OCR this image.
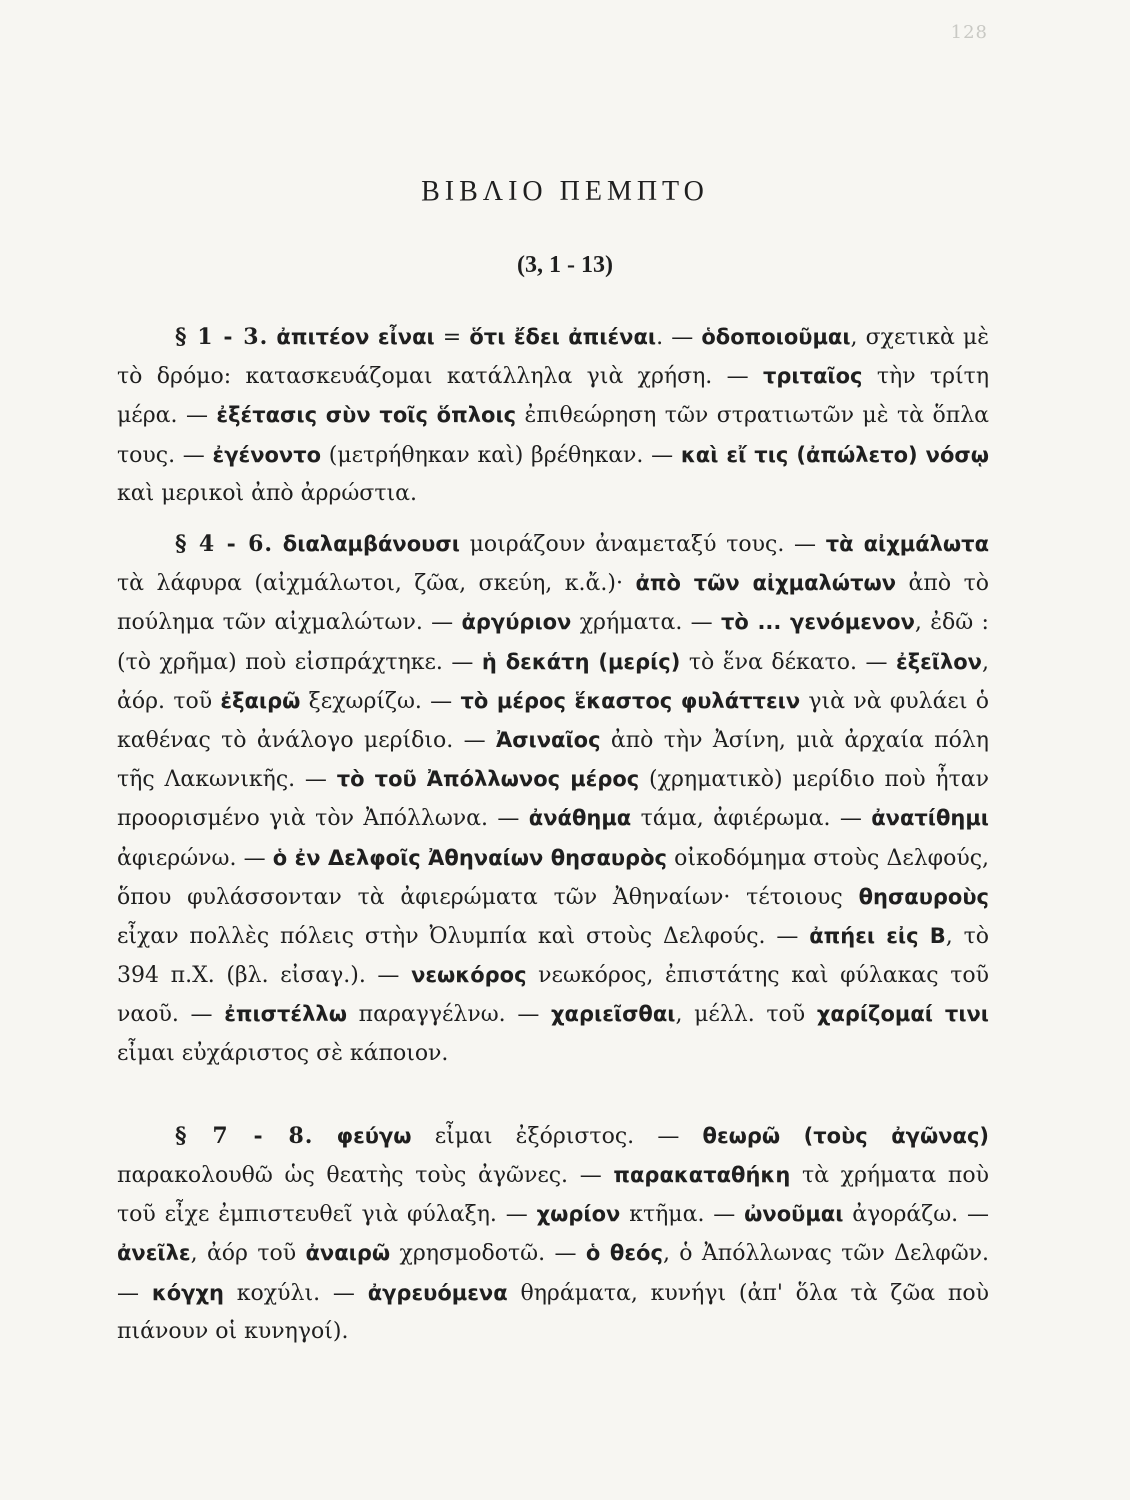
128
ΒΙΒΛΙΟ ΠΕΜΠΤΟ
(3, 1 - 13)

§ 1 - 3. ἀπιτέον εἶναι = ὅτι ἔδει ἀπιέναι. — ὁδοποιοῦμαι, σχετικὰ μὲ τὸ δρόμο: κατασκευάζομαι κατάλληλα γιὰ χρήση. — τριταῖος τὴν τρίτη μέρα. — ἐξέτασις σὺν τοῖς ὅπλοις ἐπιθεώρηση τῶν στρατιωτῶν μὲ τὰ ὅπλα τους. — ἐγένοντο (μετρήθηκαν καὶ) βρέθηκαν. — καὶ εἴ τις (ἀπώλετο) νόσῳ καὶ μερικοὶ ἀπὸ ἀρρώστια.

§ 4 - 6. διαλαμβάνουσι μοιράζουν ἀναμεταξύ τους. — τὰ αἰχμάλωτα τὰ λάφυρα (αἰχμάλωτοι, ζῶα, σκεύη, κ.ἄ.)· ἀπὸ τῶν αἰχμαλώτων ἀπὸ τὸ πούλημα τῶν αἰχμαλώτων. — ἀργύριον χρήματα. — τὸ ... γενόμενον, ἐδῶ : (τὸ χρῆμα) ποὺ εἰσπράχτηκε. — ἡ δεκάτη (μερίς) τὸ ἕνα δέκατο. — ἐξεῖλον, ἀόρ. τοῦ ἐξαιρῶ ξεχωρίζω. — τὸ μέρος ἕκαστος φυλάττειν γιὰ νὰ φυλάει ὁ καθένας τὸ ἀνάλογο μερίδιο. — Ἀσιναῖος ἀπὸ τὴν Ἀσίνη, μιὰ ἀρχαία πόλη τῆς Λακωνικῆς. — τὸ τοῦ Ἀπόλλωνος μέρος (χρηματικὸ) μερίδιο ποὺ ἦταν προορισμένο γιὰ τὸν Ἀπόλλωνα. — ἀνάθημα τάμα, ἀφιέρωμα. — ἀνατίθημι ἀφιερώνω. — ὁ ἐν Δελφοῖς Ἀθηναίων θησαυρὸς οἰκοδόμημα στοὺς Δελφούς, ὅπου φυλάσσονταν τὰ ἀφιερώματα τῶν Ἀθηναίων· τέτοιους θησαυροὺς εἶχαν πολλὲς πόλεις στὴν Ὀλυμπία καὶ στοὺς Δελφούς. — ἀπήει εἰς Β, τὸ 394 π.Χ. (βλ. εἰσαγ.). — νεωκόρος νεωκόρος, ἐπιστάτης καὶ φύλακας τοῦ ναοῦ. — ἐπιστέλλω παραγγέλνω. — χαριεῖσθαι, μέλλ. τοῦ χαρίζομαί τινι εἶμαι εὐχάριστος σὲ κάποιον.

§ 7 - 8. φεύγω εἶμαι ἐξόριστος. — θεωρῶ (τοὺς ἀγῶνας) παρακολουθῶ ὡς θεατὴς τοὺς ἀγῶνες. — παρακαταθήκη τὰ χρήματα ποὺ τοῦ εἶχε ἐμπιστευθεῖ γιὰ φύλαξη. — χωρίον κτῆμα. — ὠνοῦμαι ἀγοράζω. — ἀνεῖλε, ἀόρ τοῦ ἀναιρῶ χρησμοδοτῶ. — ὁ θεός, ὁ Ἀπόλλωνας τῶν Δελφῶν. — κόγχη κοχύλι. — ἀγρευόμενα θηράματα, κυνήγι (ἀπ' ὅλα τὰ ζῶα ποὺ πιάνουν οἱ κυνηγοί).
